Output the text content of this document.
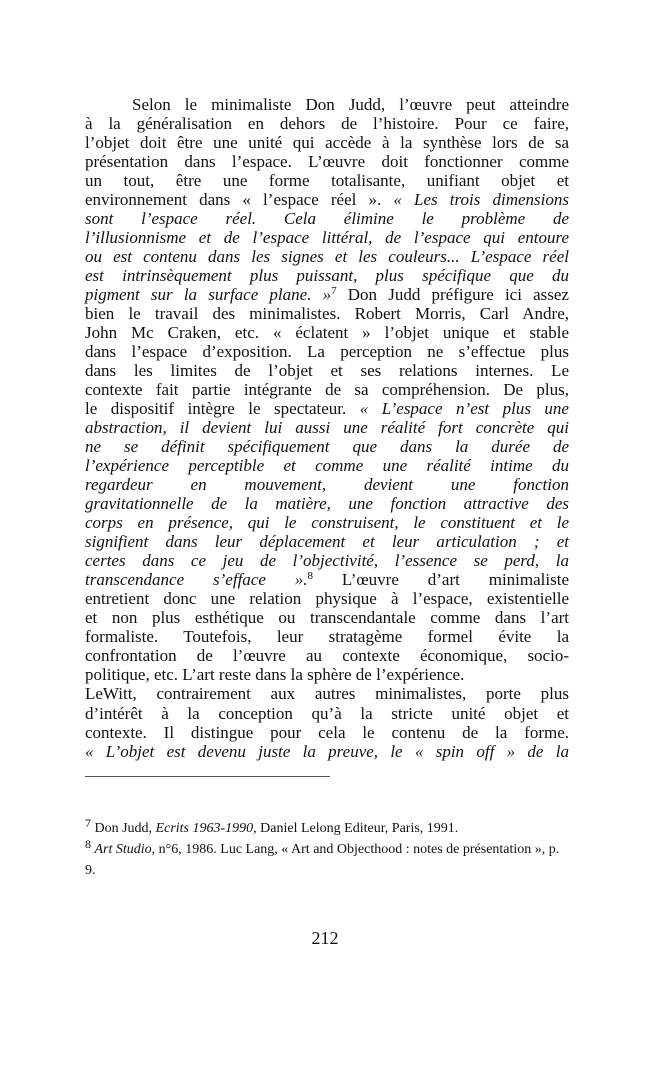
Selon le minimaliste Don Judd, l’œuvre peut atteindre
à la généralisation en dehors de l’histoire. Pour ce faire,
l’objet doit être une unité qui accède à la synthèse lors de sa
présentation dans l’espace. L’œuvre doit fonctionner comme
un tout, être une forme totalisante, unifiant objet et
environnement dans « l’espace réel ». « Les trois dimensions
sont l’espace réel. Cela élimine le problème de
l’illusionnisme et de l’espace littéral, de l’espace qui entoure
ou est contenu dans les signes et les couleurs... L’espace réel
est intrinsèquement plus puissant, plus spécifique que du
pigment sur la surface plane. »$^7$ Don Judd préfigure ici assez
bien le travail des minimalistes. Robert Morris, Carl Andre,
John Mc Craken, etc. « éclatent » l’objet unique et stable
dans l’espace d’exposition. La perception ne s’effectue plus
dans les limites de l’objet et ses relations internes. Le
contexte fait partie intégrante de sa compréhension. De plus,
le dispositif intègre le spectateur. « L’espace n’est plus une
abstraction, il devient lui aussi une réalité fort concrète qui
ne se définit spécifiquement que dans la durée de
l’expérience perceptible et comme une réalité intime du
regardeur en mouvement, devient une fonction
gravitationnelle de la matière, une fonction attractive des
corps en présence, qui le construisent, le constituent et le
signifient dans leur déplacement et leur articulation ; et
certes dans ce jeu de l’objectivité, l’essence se perd, la
transcendance s’efface ».$^8$ L’œuvre d’art minimaliste
entretient donc une relation physique à l’espace, existentielle
et non plus esthétique ou transcendantale comme dans l’art
formaliste. Toutefois, leur stratagème formel évite la
confrontation de l’œuvre au contexte économique, socio-
politique, etc. L’art reste dans la sphère de l’expérience.
LeWitt, contrairement aux autres minimalistes, porte plus
d’intérêt à la conception qu’à la stricte unité objet et
contexte. Il distingue pour cela le contenu de la forme.
« L’objet est devenu juste la preuve, le « spin off » de la
$^7$ Don Judd, Ecrits 1963-1990, Daniel Lelong Editeur, Paris, 1991.
$^8$ Art Studio, n°6, 1986. Luc Lang, « Art and Objecthood : notes de présentation », p. 9.
212
